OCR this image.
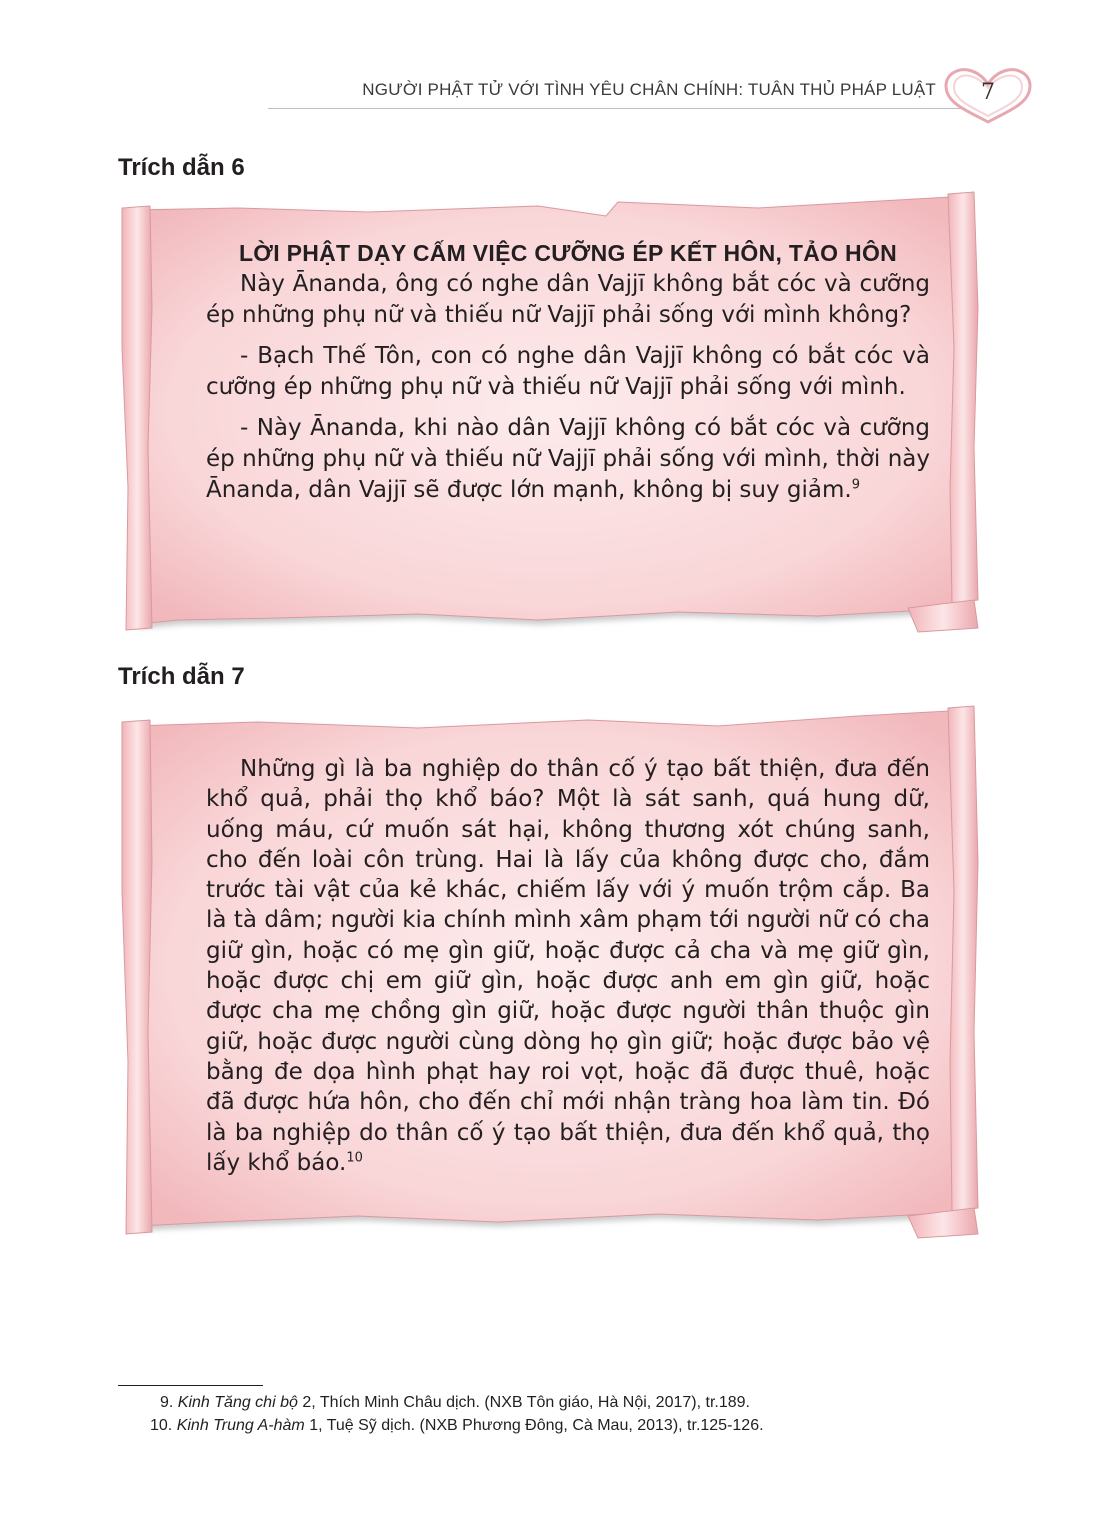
NGƯỜI PHẬT TỬ VỚI TÌNH YÊU CHÂN CHÍNH: TUÂN THỦ PHÁP LUẬT	7
Trích dẫn 6

LỜI PHẬT DẠY CẤM VIỆC CƯỠNG ÉP KẾT HÔN, TẢO HÔN

Này Ānanda, ông có nghe dân Vajjī không bắt cóc và cưỡng ép những phụ nữ và thiếu nữ Vajjī phải sống với mình không?

- Bạch Thế Tôn, con có nghe dân Vajjī không có bắt cóc và cưỡng ép những phụ nữ và thiếu nữ Vajjī phải sống với mình.

- Này Ānanda, khi nào dân Vajjī không có bắt cóc và cưỡng ép những phụ nữ và thiếu nữ Vajjī phải sống với mình, thời này Ānanda, dân Vajjī sẽ được lớn mạnh, không bị suy giảm.$^9$

Trích dẫn 7

Những gì là ba nghiệp do thân cố ý tạo bất thiện, đưa đến khổ quả, phải thọ khổ báo? Một là sát sanh, quá hung dữ, uống máu, cứ muốn sát hại, không thương xót chúng sanh, cho đến loài côn trùng. Hai là lấy của không được cho, đắm trước tài vật của kẻ khác, chiếm lấy với ý muốn trộm cắp. Ba là tà dâm; người kia chính mình xâm phạm tới người nữ có cha giữ gìn, hoặc có mẹ gìn giữ, hoặc được cả cha và mẹ giữ gìn, hoặc được chị em giữ gìn, hoặc được anh em gìn giữ, hoặc được cha mẹ chồng gìn giữ, hoặc được người thân thuộc gìn giữ, hoặc được người cùng dòng họ gìn giữ; hoặc được bảo vệ bằng đe dọa hình phạt hay roi vọt, hoặc đã được thuê, hoặc đã được hứa hôn, cho đến chỉ mới nhận tràng hoa làm tin. Đó là ba nghiệp do thân cố ý tạo bất thiện, đưa đến khổ quả, thọ lấy khổ báo.$^{10}$

9. Kinh Tăng chi bộ 2, Thích Minh Châu dịch. (NXB Tôn giáo, Hà Nội, 2017), tr.189.
10. Kinh Trung A-hàm 1, Tuệ Sỹ dịch. (NXB Phương Đông, Cà Mau, 2013), tr.125-126.
